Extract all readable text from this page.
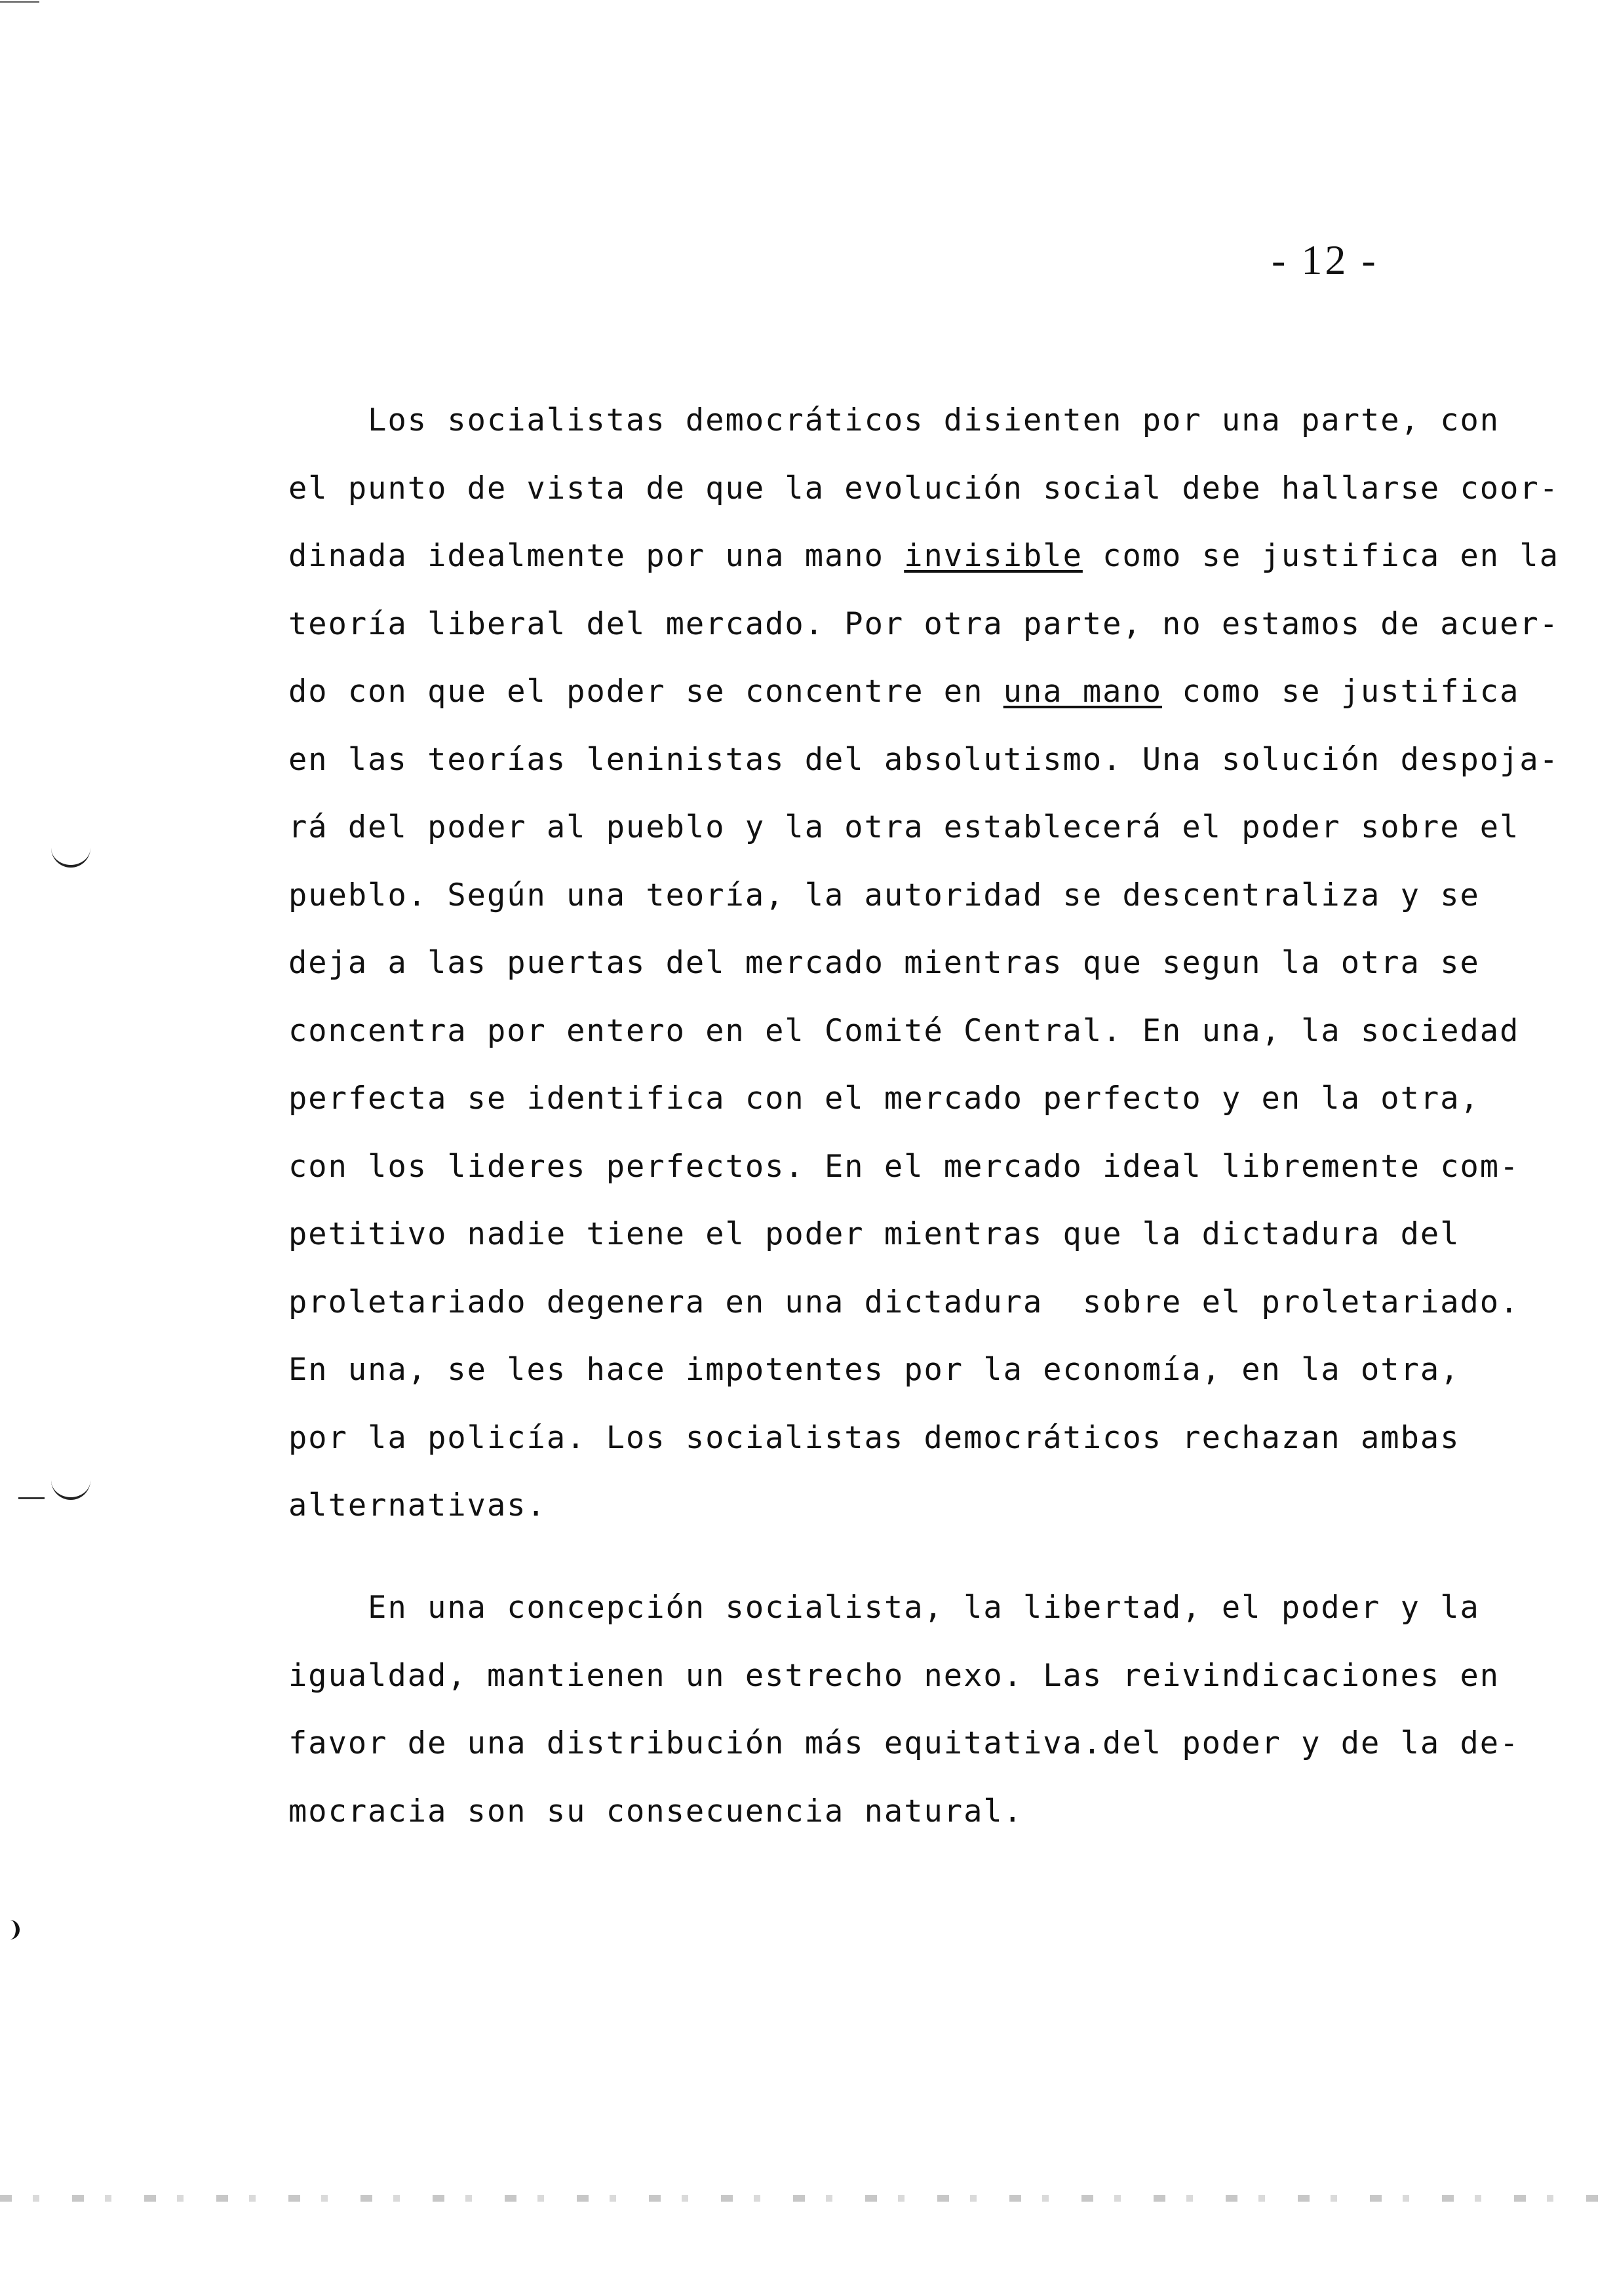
- 12 -
Los socialistas democráticos disienten por una parte, con
el punto de vista de que la evolución social debe hallarse coor-
dinada idealmente por una mano invisible como se justifica en la
teoría liberal del mercado. Por otra parte, no estamos de acuer-
do con que el poder se concentre en una mano como se justifica
en las teorías leninistas del absolutismo. Una solución despoja-
rá del poder al pueblo y la otra establecerá el poder sobre el
pueblo. Según una teoría, la autoridad se descentraliza y se
deja a las puertas del mercado mientras que segun la otra se
concentra por entero en el Comité Central. En una, la sociedad
perfecta se identifica con el mercado perfecto y en la otra,
con los lideres perfectos. En el mercado ideal libremente com-
petitivo nadie tiene el poder mientras que la dictadura del
proletariado degenera en una dictadura  sobre el proletariado.
En una, se les hace impotentes por la economía, en la otra,
por la policía. Los socialistas democráticos rechazan ambas
alternativas.
En una concepción socialista, la libertad, el poder y la
igualdad, mantienen un estrecho nexo. Las reivindicaciones en
favor de una distribución más equitativa.del poder y de la de-
mocracia son su consecuencia natural.
